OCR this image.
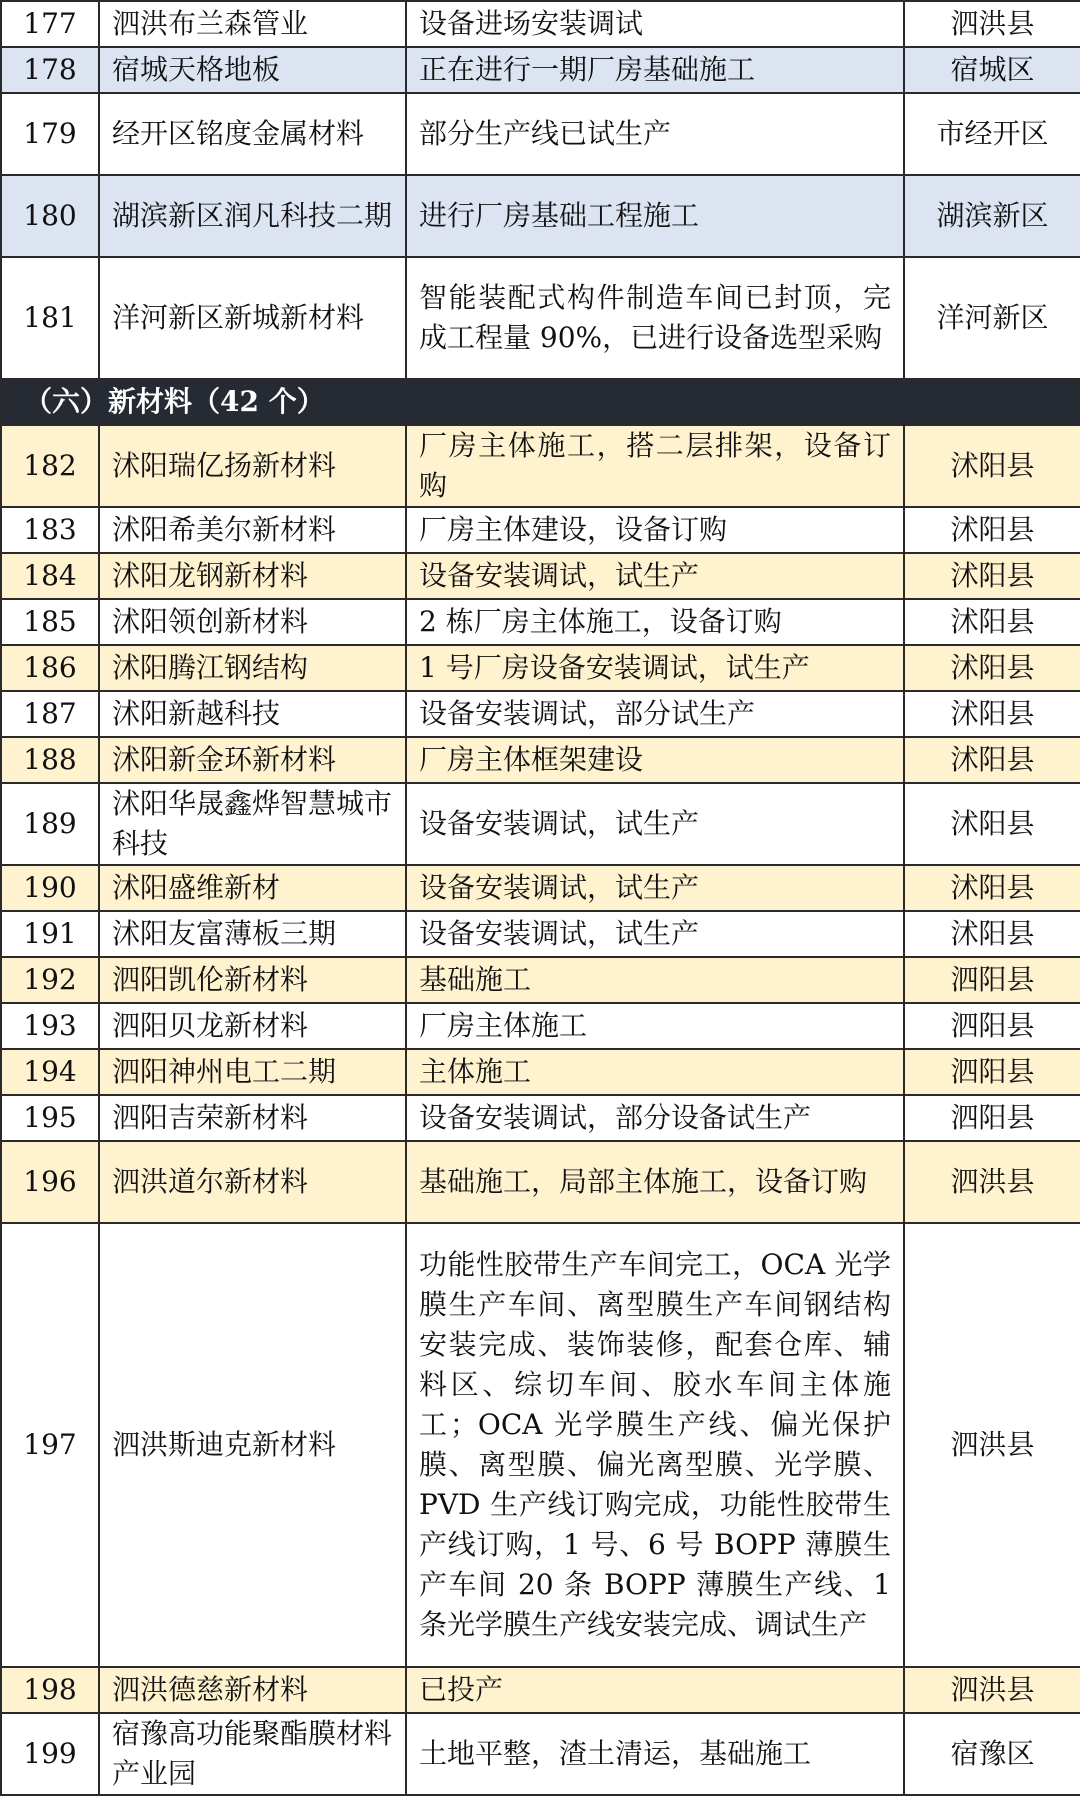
177	泗洪布兰森管业	设备进场安装调试	泗洪县
178	宿城天格地板	正在进行一期厂房基础施工	宿城区
179	经开区铭度金属材料	部分生产线已试生产	市经开区
180	湖滨新区润凡科技二期	进行厂房基础工程施工	湖滨新区
181	洋河新区新城新材料	智能装配式构件制造车间已封顶，完成工程量 90%，已进行设备选型采购	洋河新区
（六）新材料（42 个）			
182	沭阳瑞亿扬新材料	厂房主体施工，搭二层排架，设备订购	沭阳县
183	沭阳希美尔新材料	厂房主体建设，设备订购	沭阳县
184	沭阳龙钢新材料	设备安装调试，试生产	沭阳县
185	沭阳领创新材料	2 栋厂房主体施工，设备订购	沭阳县
186	沭阳腾江钢结构	1 号厂房设备安装调试，试生产	沭阳县
187	沭阳新越科技	设备安装调试，部分试生产	沭阳县
188	沭阳新金环新材料	厂房主体框架建设	沭阳县
189	沭阳华晟鑫烨智慧城市科技	设备安装调试，试生产	沭阳县
190	沭阳盛维新材	设备安装调试，试生产	沭阳县
191	沭阳友富薄板三期	设备安装调试，试生产	沭阳县
192	泗阳凯伦新材料	基础施工	泗阳县
193	泗阳贝龙新材料	厂房主体施工	泗阳县
194	泗阳神州电工二期	主体施工	泗阳县
195	泗阳吉荣新材料	设备安装调试，部分设备试生产	泗阳县
196	泗洪道尔新材料	基础施工，局部主体施工，设备订购	泗洪县
197	泗洪斯迪克新材料	功能性胶带生产车间完工，OCA 光学膜生产车间、离型膜生产车间钢结构安装完成、装饰装修，配套仓库、辅料区、综切车间、胶水车间主体施工；OCA 光学膜生产线、偏光保护膜、离型膜、偏光离型膜、光学膜、PVD 生产线订购完成，功能性胶带生产线订购，1 号、6 号 BOPP 薄膜生产车间 20 条 BOPP 薄膜生产线、1 条光学膜生产线安装完成、调试生产	泗洪县
198	泗洪德慈新材料	已投产	泗洪县
199	宿豫高功能聚酯膜材料产业园	土地平整，渣土清运，基础施工	宿豫区
